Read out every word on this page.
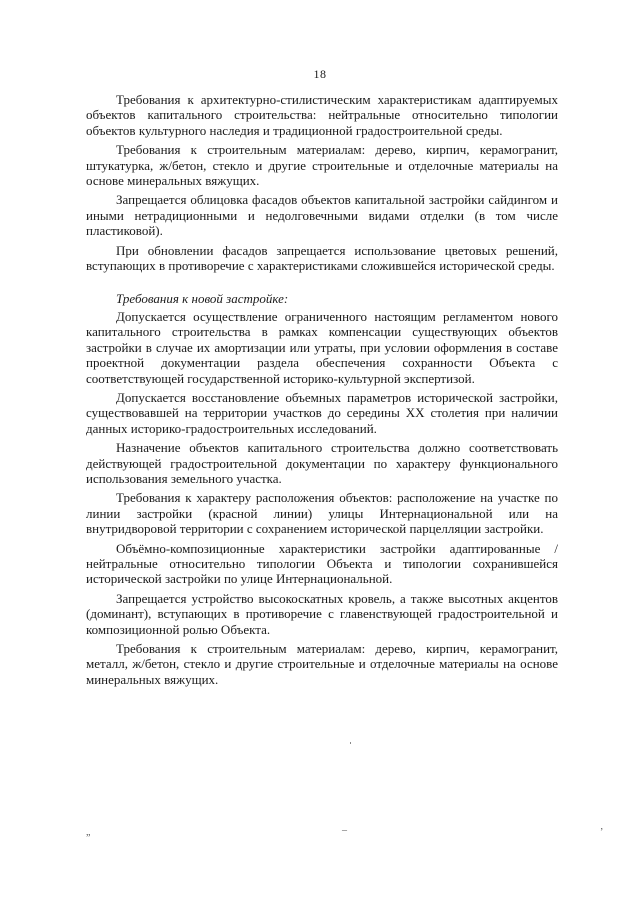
18

Требования к архитектурно-стилистическим характеристикам адаптируемых объектов капитального строительства: нейтральные относительно типологии объектов культурного наследия и традиционной градостроительной среды.

Требования к строительным материалам: дерево, кирпич, керамогранит, штукатурка, ж/бетон, стекло и другие строительные и отделочные материалы на основе минеральных вяжущих.

Запрещается облицовка фасадов объектов капитальной застройки сайдингом и иными нетрадиционными и недолговечными видами отделки (в том числе пластиковой).

При обновлении фасадов запрещается использование цветовых решений, вступающих в противоречие с характеристиками сложившейся исторической среды.

Требования к новой застройке:

Допускается осуществление ограниченного настоящим регламентом нового капитального строительства в рамках компенсации существующих объектов застройки в случае их амортизации или утраты, при условии оформления в составе проектной документации раздела обеспечения сохранности Объекта с соответствующей государственной историко-культурной экспертизой.

Допускается восстановление объемных параметров исторической застройки, существовавшей на территории участков до середины XX столетия при наличии данных историко-градостроительных исследований.

Назначение объектов капитального строительства должно соответствовать действующей градостроительной документации по характеру функционального использования земельного участка.

Требования к характеру расположения объектов: расположение на участке по линии застройки (красной линии) улицы Интернациональной или на внутридворовой территории с сохранением исторической парцелляции застройки.

Объёмно-композиционные характеристики застройки адаптированные /нейтральные относительно типологии Объекта и типологии сохранившейся исторической застройки по улице Интернациональной.

Запрещается устройство высокоскатных кровель, а также высотных акцентов (доминант), вступающих в противоречие с главенствующей градостроительной и композиционной ролью Объекта.

Требования к строительным материалам: дерево, кирпич, керамогранит, металл, ж/бетон, стекло и другие строительные и отделочные материалы на основе минеральных вяжущих.

„	–	’
